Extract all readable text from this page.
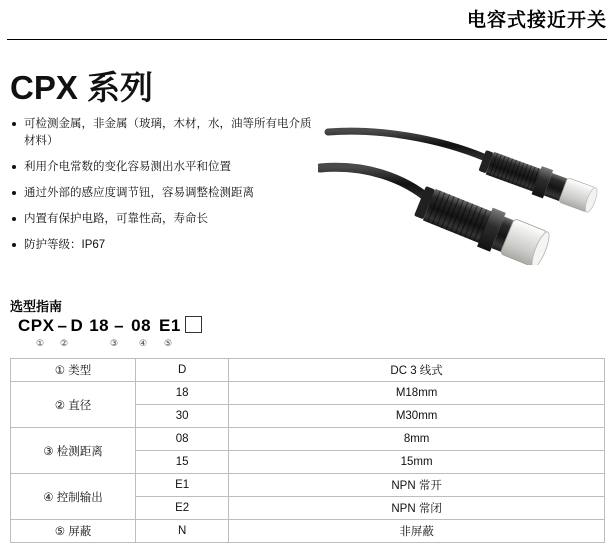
电容式接近开关
CPX 系列
可检测金属，非金属（玻璃，木材，水，油等所有电介质材料）
利用介电常数的变化容易测出水平和位置
通过外部的感应度调节钮，容易调整检测距离
内置有保护电路，可靠性高，寿命长
防护等级：IP67
选型指南
CPX – D 18 – 08 E1
① ②	③ ④ ⑤
① 类型	D	DC 3 线式
② 直径	18	M18mm
	30	M30mm
③ 检测距离	08	8mm
	15	15mm
④ 控制输出	E1	NPN 常开
	E2	NPN 常闭
⑤ 屏蔽	N	非屏蔽
